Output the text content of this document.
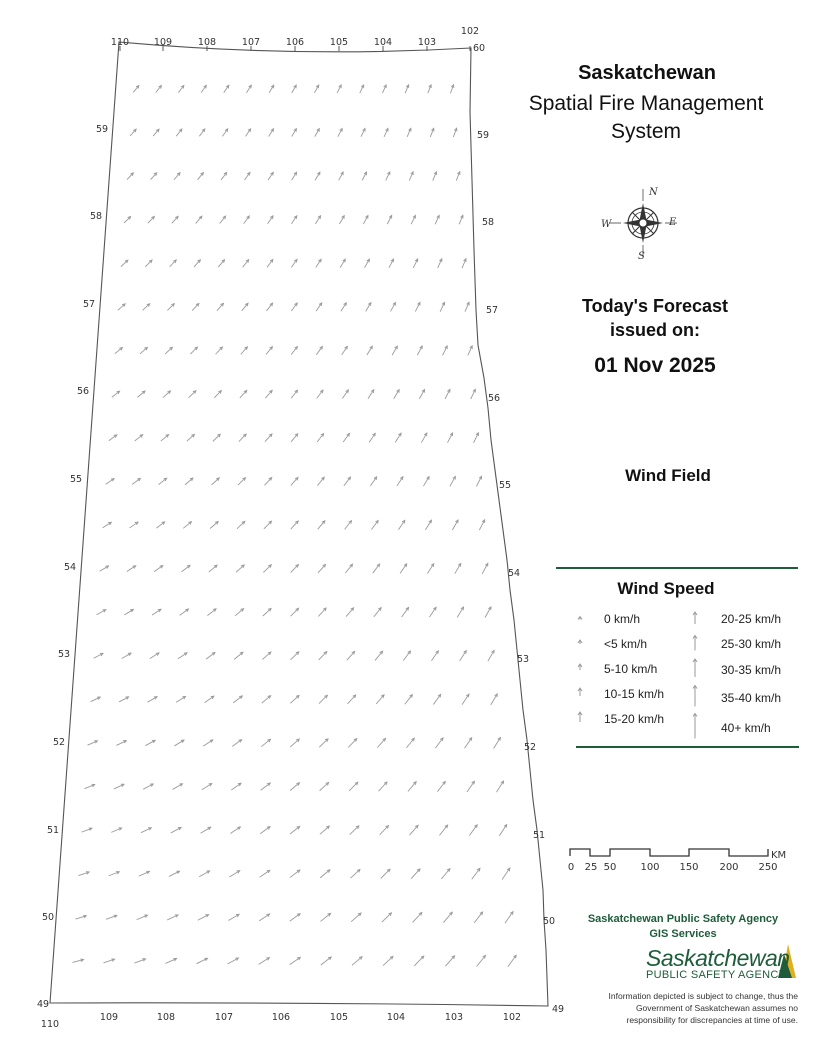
110	109	108	107	106	105	104	103
102
110
109	108	107	106	105	104	103	102
59
58
57
56
55
54
53
52
51
50
49
60
59
58
57
56
55
54
53
52
51
50
49
N
S
E
W
KM
0 25 50 100 150 200 250
Saskatchewan
Spatial Fire Management System
Today's Forecast
issued on:
01 Nov 2025
Wind Field
Wind Speed
0 km/h
<5 km/h
5-10 km/h
10-15 km/h
15-20 km/h
20-25 km/h
25-30 km/h
30-35 km/h
35-40 km/h
40+ km/h
Saskatchewan Public Safety Agency
GIS Services
Saskatchewan
PUBLIC SAFETY AGENCY
Information depicted is subject to change, thus the Government of Saskatchewan assumes no responsibility for discrepancies at time of use.
